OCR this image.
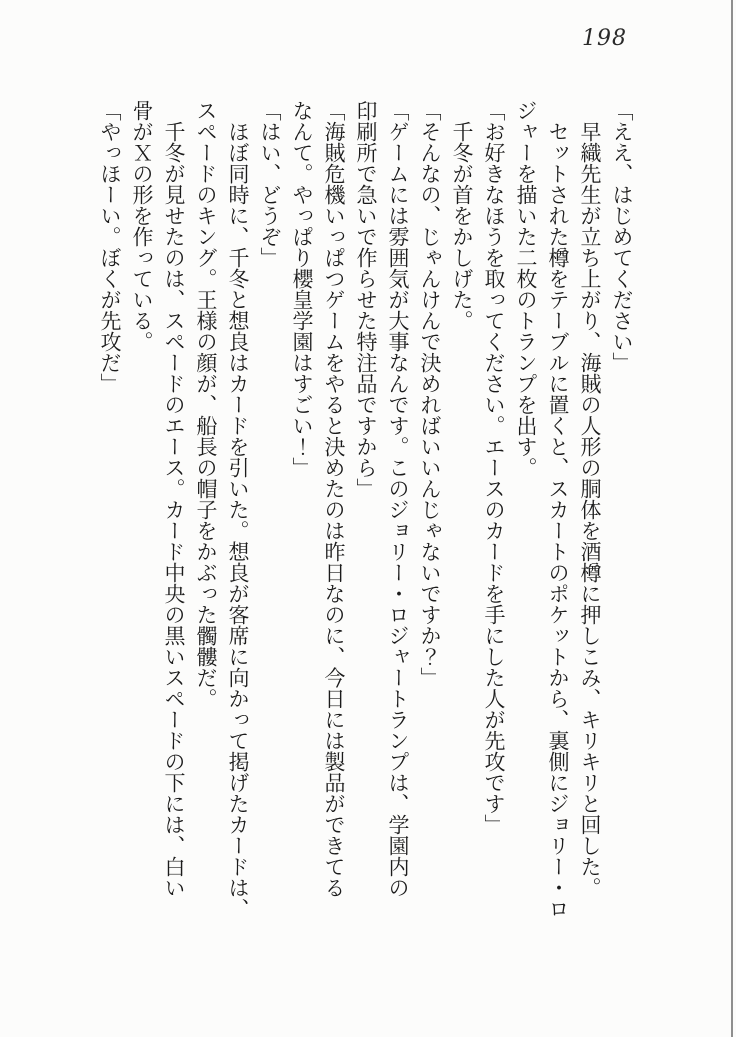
198

「ええ、はじめてください」

早織先生が立ち上がり、海賊の人形の胴体を酒樽に押しこみ、キリキリと回した。

セットされた樽をテーブルに置くと、スカートのポケットから、裏側にジョリー・ロ

ジャーを描いた二枚のトランプを出す。

「お好きなほうを取ってください。エースのカードを手にした人が先攻です」

千冬が首をかしげた。

「そんなの、じゃんけんで決めればいいんじゃないですか？」

「ゲームには雰囲気が大事なんです。このジョリー・ロジャートランプは、学園内の

印刷所で急いで作らせた特注品ですから」

「海賊危機いっぱつゲームをやると決めたのは昨日なのに、今日には製品ができてる

なんて。やっぱり櫻皇学園はすごい！」

「はい、どうぞ」

ほぼ同時に、千冬と想良はカードを引いた。想良が客席に向かって掲げたカードは、

スペードのキング。王様の顔が、船長の帽子をかぶった髑髏だ。

千冬が見せたのは、スペードのエース。カード中央の黒いスペードの下には、白い

骨がＸの形を作っている。

「やっほーい。ぼくが先攻だ」
